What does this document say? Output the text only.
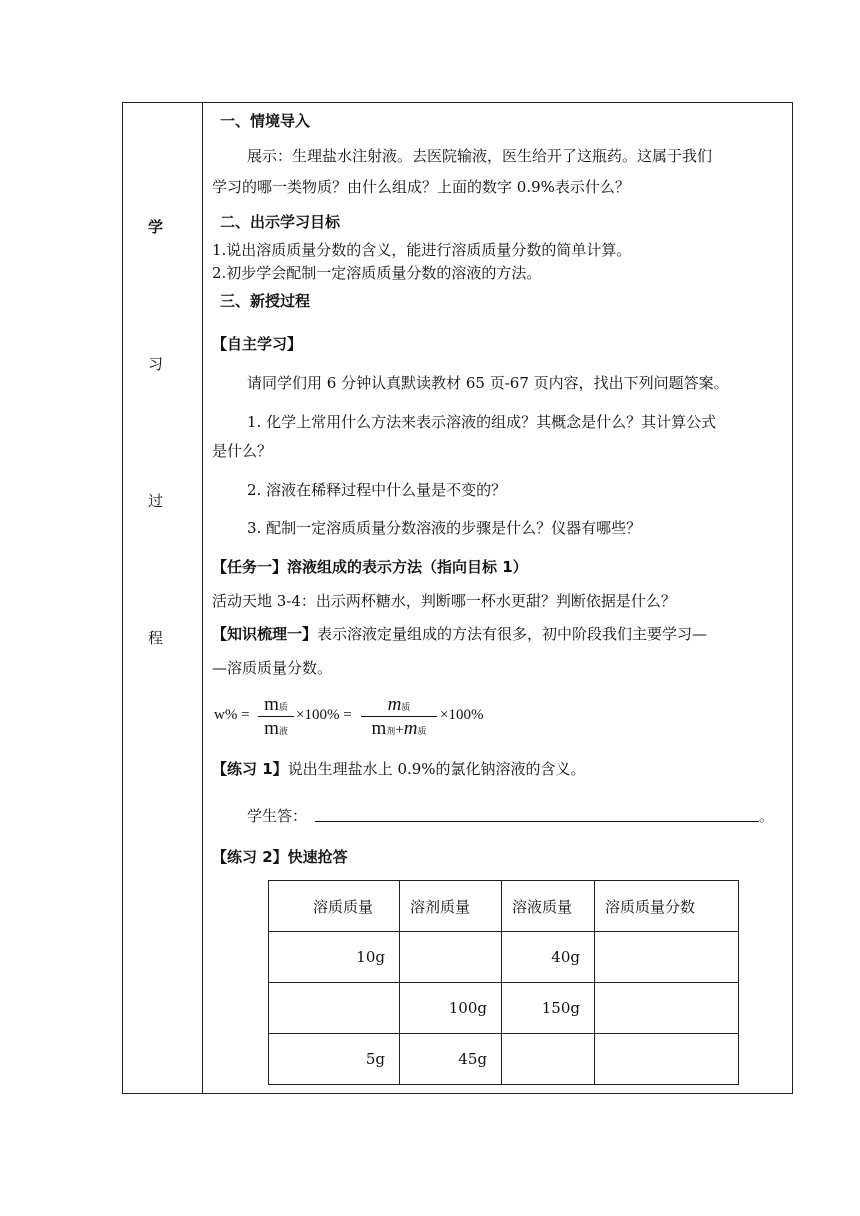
学
习
过
程
一、情境导入
展示：生理盐水注射液。去医院输液，医生给开了这瓶药。这属于我们
学习的哪一类物质？由什么组成？上面的数字 0.9%表示什么？
二、出示学习目标
1.说出溶质质量分数的含义，能进行溶质质量分数的简单计算。
2.初步学会配制一定溶质质量分数的溶液的方法。
三、新授过程
【自主学习】
请同学们用 6 分钟认真默读教材 65 页-67 页内容，找出下列问题答案。
1. 化学上常用什么方法来表示溶液的组成？其概念是什么？其计算公式
是什么？
2. 溶液在稀释过程中什么量是不变的？
3. 配制一定溶质质量分数溶液的步骤是什么？仪器有哪些？
【任务一】溶液组成的表示方法（指向目标 1）
活动天地 3-4：出示两杯糖水，判断哪一杯水更甜？判断依据是什么？
【知识梳理一】表示溶液定量组成的方法有很多，初中阶段我们主要学习—
—溶质质量分数。
w% = m质
m液
×100% =	m质
m剂+m质
×100%
【练习 1】说出生理盐水上 0.9%的氯化钠溶液的含义。
学生答：	。
【练习 2】快速抢答
溶质质量	溶剂质量	溶液质量	溶质质量分数
10g		40g	
	100g	150g	
5g	45g		
